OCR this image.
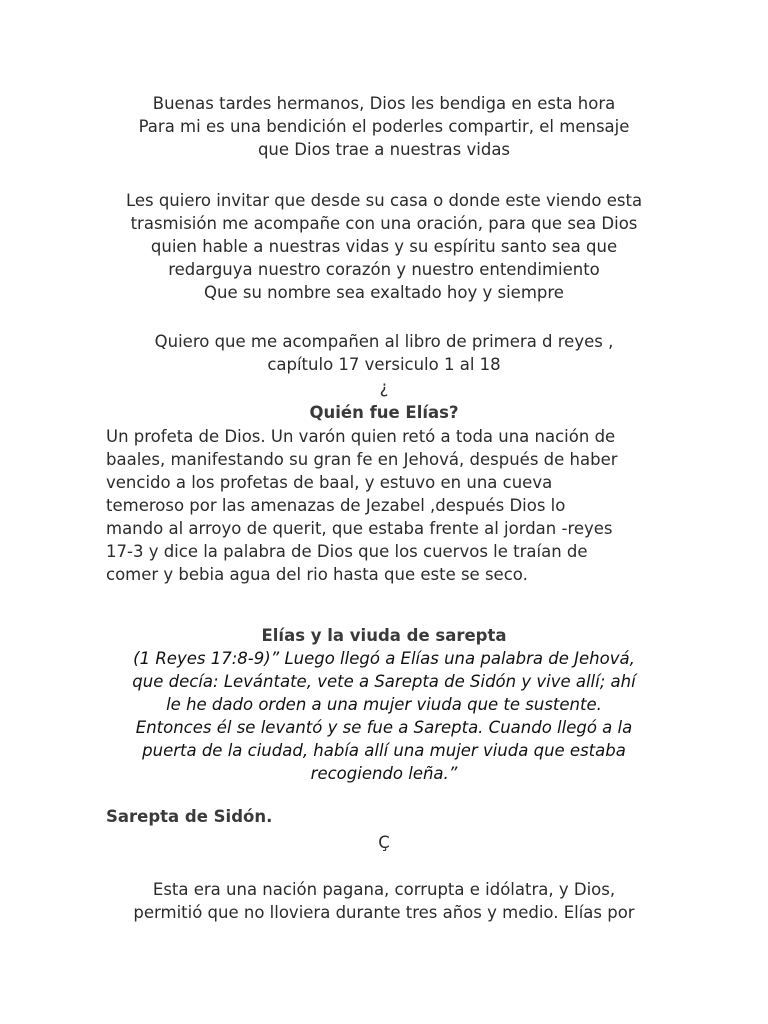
Buenas tardes hermanos, Dios les bendiga en esta hora
Para mi es una bendición el poderles compartir, el mensaje
que Dios trae a nuestras vidas
Les quiero invitar que desde su casa o donde este viendo esta
trasmisión me acompañe con una oración, para que sea Dios
quien hable a nuestras vidas y su espíritu santo sea que
redarguya nuestro corazón y nuestro entendimiento
Que su nombre sea exaltado hoy y siempre
Quiero que me acompañen al libro de primera d reyes ,
capítulo 17 versiculo 1 al 18
¿
Quién fue Elías?
Un profeta de Dios. Un varón quien retó a toda una nación de
baales, manifestando su gran fe en Jehová, después de haber
vencido a los profetas de baal, y estuvo en una cueva
temeroso por las amenazas de Jezabel ,después Dios lo
mando al arroyo de querit, que estaba frente al jordan -reyes
17-3 y dice la palabra de Dios que los cuervos le traían de
comer y bebia agua del rio hasta que este se seco.
Elías y la viuda de sarepta
(1 Reyes 17:8-9)” Luego llegó a Elías una palabra de Jehová,
que decía: Levántate, vete a Sarepta de Sidón y vive allí; ahí
le he dado orden a una mujer viuda que te sustente.
Entonces él se levantó y se fue a Sarepta. Cuando llegó a la
puerta de la ciudad, había allí una mujer viuda que estaba
recogiendo leña.”
Sarepta de Sidón.
Ç
Esta era una nación pagana, corrupta e idólatra, y Dios,
permitió que no lloviera durante tres años y medio. Elías por
